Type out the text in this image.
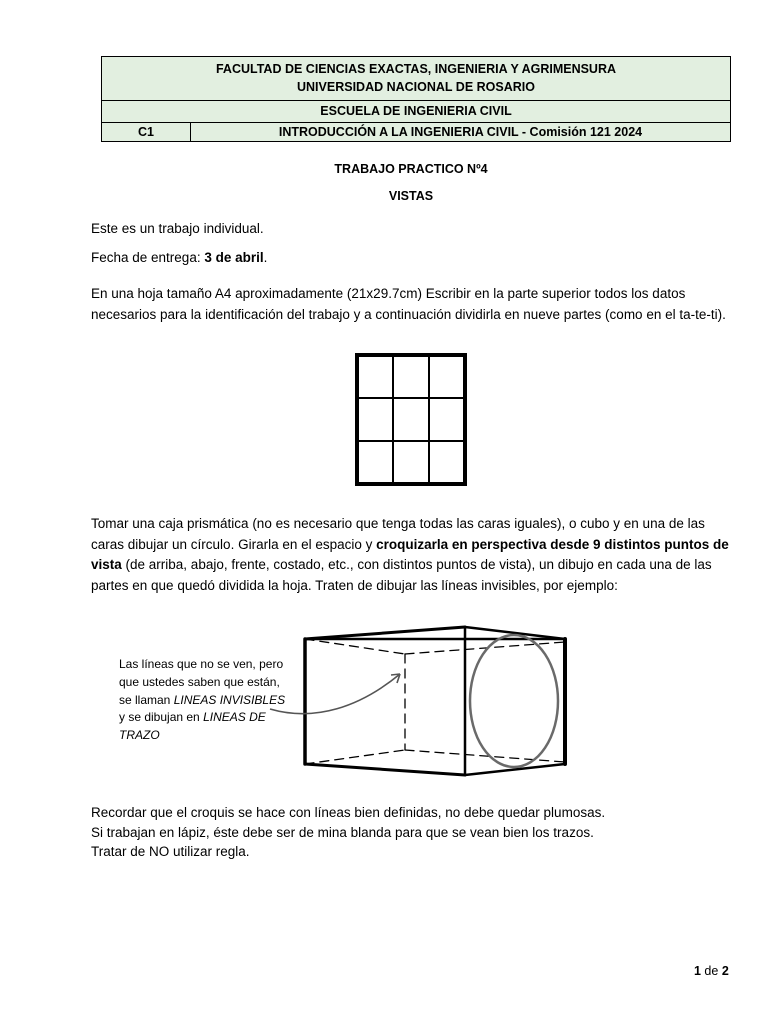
FACULTAD DE CIENCIAS EXACTAS, INGENIERIA Y AGRIMENSURA
UNIVERSIDAD NACIONAL DE ROSARIO
ESCUELA DE INGENIERIA CIVIL
C1	INTRODUCCIÓN A LA INGENIERIA CIVIL - Comisión 121 2024
TRABAJO PRACTICO Nº4
VISTAS
Este es un trabajo individual.
Fecha de entrega: 3 de abril.
En una hoja tamaño A4 aproximadamente (21x29.7cm) Escribir en la parte superior todos los datos necesarios para la identificación del trabajo y a continuación dividirla en nueve partes (como en el ta-te-ti).
Tomar una caja prismática (no es necesario que tenga todas las caras iguales), o cubo y en una de las caras dibujar un círculo. Girarla en el espacio y croquizarla en perspectiva desde 9 distintos puntos de vista (de arriba, abajo, frente, costado, etc., con distintos puntos de vista), un dibujo en cada una de las partes en que quedó dividida la hoja. Traten de dibujar las líneas invisibles, por ejemplo:
Las líneas que no se ven, pero que ustedes saben que están, se llaman LINEAS INVISIBLES y se dibujan en LINEAS DE TRAZO
Recordar que el croquis se hace con líneas bien definidas, no debe quedar plumosas.
Si trabajan en lápiz, éste debe ser de mina blanda para que se vean bien los trazos.
Tratar de NO utilizar regla.
1 de 2
